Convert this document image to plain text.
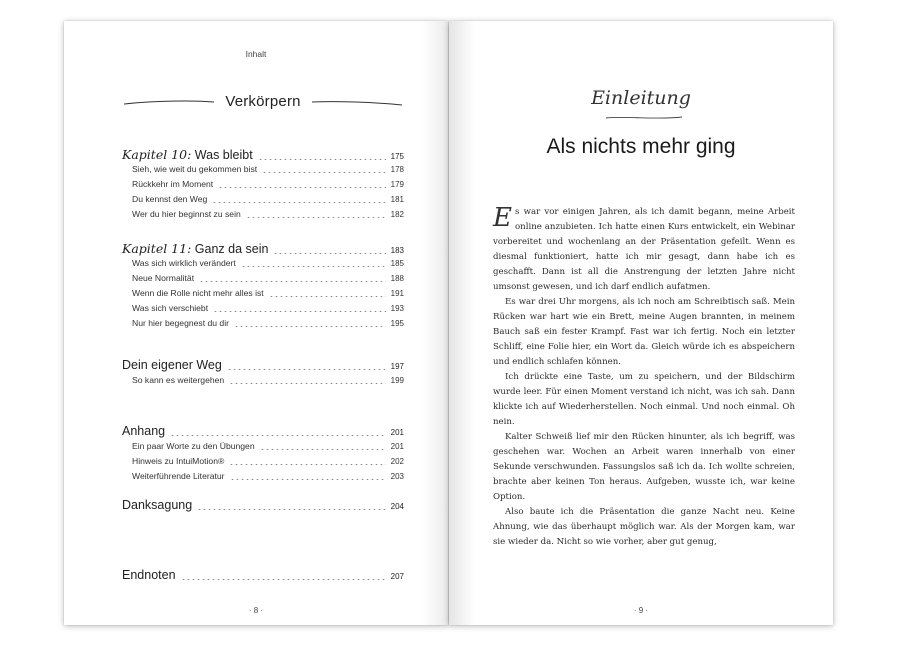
Inhalt
Verkörpern
Kapitel 10: Was bleibt	175
Sieh, wie weit du gekommen bist	178
Rückkehr im Moment	179
Du kennst den Weg	181
Wer du hier beginnst zu sein	182
Kapitel 11: Ganz da sein	183
Was sich wirklich verändert	185
Neue Normalität	188
Wenn die Rolle nicht mehr alles ist	191
Was sich verschiebt	193
Nur hier begegnest du dir	195
Dein eigener Weg	197
So kann es weitergehen	199
Anhang	201
Ein paar Worte zu den Übungen	201
Hinweis zu IntuiMotion®	202
Weiterführende Literatur	203
Danksagung	204
Endnoten	207
· 8 ·
Einleitung
Als nichts mehr ging

Es war vor einigen Jahren, als ich damit begann, meine Arbeit online anzubieten. Ich hatte einen Kurs entwickelt, ein Webinar vorbereitet und wochenlang an der Präsentation gefeilt. Wenn es diesmal funktioniert, hatte ich mir gesagt, dann habe ich es geschafft. Dann ist all die Anstrengung der letzten Jahre nicht umsonst gewesen, und ich darf endlich aufatmen.

Es war drei Uhr morgens, als ich noch am Schreibtisch saß. Mein Rücken war hart wie ein Brett, meine Augen brannten, in meinem Bauch saß ein fester Krampf. Fast war ich fertig. Noch ein letzter Schliff, eine Folie hier, ein Wort da. Gleich würde ich es abspeichern und endlich schlafen können.

Ich drückte eine Taste, um zu speichern, und der Bildschirm wurde leer. Für einen Moment verstand ich nicht, was ich sah. Dann klickte ich auf Wiederherstellen. Noch einmal. Und noch einmal. Oh nein.

Kalter Schweiß lief mir den Rücken hinunter, als ich begriff, was geschehen war. Wochen an Arbeit waren innerhalb von einer Sekunde verschwunden. Fassungslos saß ich da. Ich wollte schreien, brachte aber keinen Ton heraus. Aufgeben, wusste ich, war keine Option.

Also baute ich die Präsentation die ganze Nacht neu. Keine Ahnung, wie das überhaupt möglich war. Als der Morgen kam, war sie wieder da. Nicht so wie vorher, aber gut genug,

· 9 ·
